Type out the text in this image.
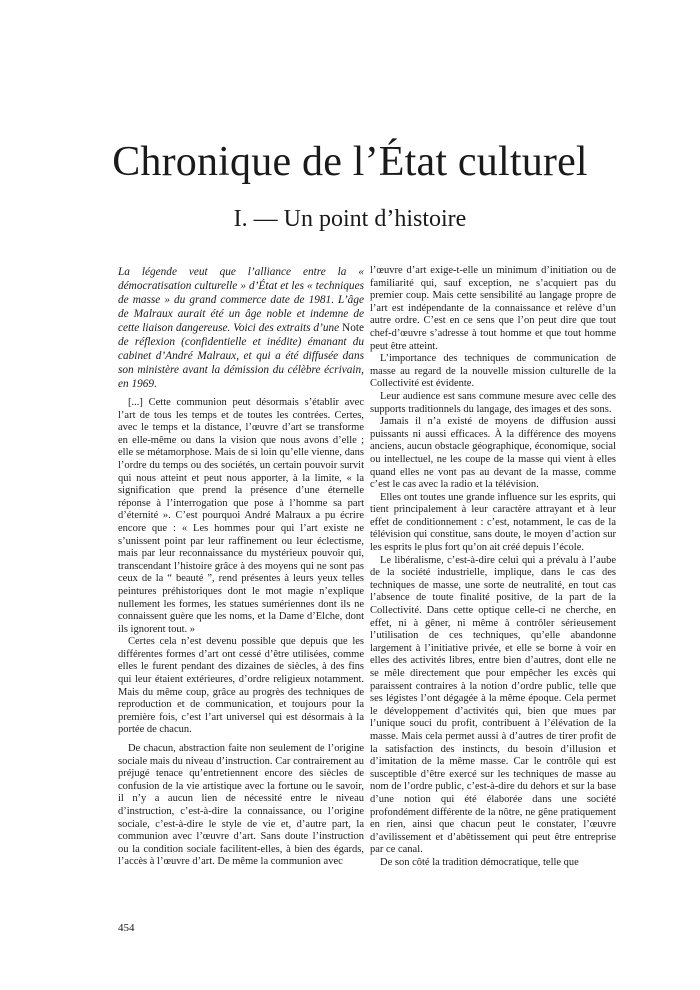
Chronique de l’État culturel
I. — Un point d’histoire

La légende veut que l’alliance entre la « démocratisation culturelle » d’État et les « techniques de masse » du grand commerce date de 1981. L’âge de Malraux aurait été un âge noble et indemne de cette liaison dangereuse. Voici des extraits d’une Note de réflexion (confidentielle et inédite) émanant du cabinet d’André Malraux, et qui a été diffusée dans son ministère avant la démission du célèbre écrivain, en 1969.

[...] Cette communion peut désormais s’établir avec l’art de tous les temps et de toutes les contrées. Certes, avec le temps et la distance, l’œuvre d’art se transforme en elle-même ou dans la vision que nous avons d’elle ; elle se métamorphose. Mais de si loin qu’elle vienne, dans l’ordre du temps ou des sociétés, un certain pouvoir survit qui nous atteint et peut nous apporter, à la limite, « la signification que prend la présence d’une éternelle réponse à l’interrogation que pose à l’homme sa part d’éternité ». C’est pourquoi André Malraux a pu écrire encore que : « Les hommes pour qui l’art existe ne s’unissent point par leur raffinement ou leur éclectisme, mais par leur reconnaissance du mystérieux pouvoir qui, transcendant l’histoire grâce à des moyens qui ne sont pas ceux de la “ beauté ”, rend présentes à leurs yeux telles peintures préhistoriques dont le mot magie n’explique nullement les formes, les statues sumériennes dont ils ne connaissent guère que les noms, et la Dame d’Elche, dont ils ignorent tout. »

Certes cela n’est devenu possible que depuis que les différentes formes d’art ont cessé d’être utilisées, comme elles le furent pendant des dizaines de siècles, à des fins qui leur étaient extérieures, d’ordre religieux notamment. Mais du même coup, grâce au progrès des techniques de reproduction et de communication, et toujours pour la première fois, c’est l’art universel qui est désormais à la portée de chacun.

De chacun, abstraction faite non seulement de l’origine sociale mais du niveau d’instruction. Car contrairement au préjugé tenace qu’entretiennent encore des siècles de confusion de la vie artistique avec la fortune ou le savoir, il n’y a aucun lien de nécessité entre le niveau d’instruction, c’est-à-dire la connaissance, ou l’origine sociale, c’est-à-dire le style de vie et, d’autre part, la communion avec l’œuvre d’art. Sans doute l’instruction ou la condition sociale facilitent-elles, à bien des égards, l’accès à l’œuvre d’art. De même la communion avec

l’œuvre d’art exige-t-elle un minimum d’initiation ou de familiarité qui, sauf exception, ne s’acquiert pas du premier coup. Mais cette sensibilité au langage propre de l’art est indépendante de la connaissance et relève d’un autre ordre. C’est en ce sens que l’on peut dire que tout chef-d’œuvre s’adresse à tout homme et que tout homme peut être atteint.

L’importance des techniques de communication de masse au regard de la nouvelle mission culturelle de la Collectivité est évidente.

Leur audience est sans commune mesure avec celle des supports traditionnels du langage, des images et des sons.

Jamais il n’a existé de moyens de diffusion aussi puissants ni aussi efficaces. À la différence des moyens anciens, aucun obstacle géographique, économique, social ou intellectuel, ne les coupe de la masse qui vient à elles quand elles ne vont pas au devant de la masse, comme c’est le cas avec la radio et la télévision.

Elles ont toutes une grande influence sur les esprits, qui tient principalement à leur caractère attrayant et à leur effet de conditionnement : c’est, notamment, le cas de la télévision qui constitue, sans doute, le moyen d’action sur les esprits le plus fort qu’on ait créé depuis l’école.

Le libéralisme, c’est-à-dire celui qui a prévalu à l’aube de la société industrielle, implique, dans le cas des techniques de masse, une sorte de neutralité, en tout cas l’absence de toute finalité positive, de la part de la Collectivité. Dans cette optique celle-ci ne cherche, en effet, ni à gêner, ni même à contrôler sérieusement l’utilisation de ces techniques, qu’elle abandonne largement à l’initiative privée, et elle se borne à voir en elles des activités libres, entre bien d’autres, dont elle ne se mêle directement que pour empêcher les excès qui paraissent contraires à la notion d’ordre public, telle que ses légistes l’ont dégagée à la même époque. Cela permet le développement d’activités qui, bien que mues par l’unique souci du profit, contribuent à l’élévation de la masse. Mais cela permet aussi à d’autres de tirer profit de la satisfaction des instincts, du besoin d’illusion et d’imitation de la même masse. Car le contrôle qui est susceptible d’être exercé sur les techniques de masse au nom de l’ordre public, c’est-à-dire du dehors et sur la base d’une notion qui été élaborée dans une société profondément différente de la nôtre, ne gêne pratiquement en rien, ainsi que chacun peut le constater, l’œuvre d’avilissement et d’abêtissement qui peut être entreprise par ce canal.

De son côté la tradition démocratique, telle que

454
